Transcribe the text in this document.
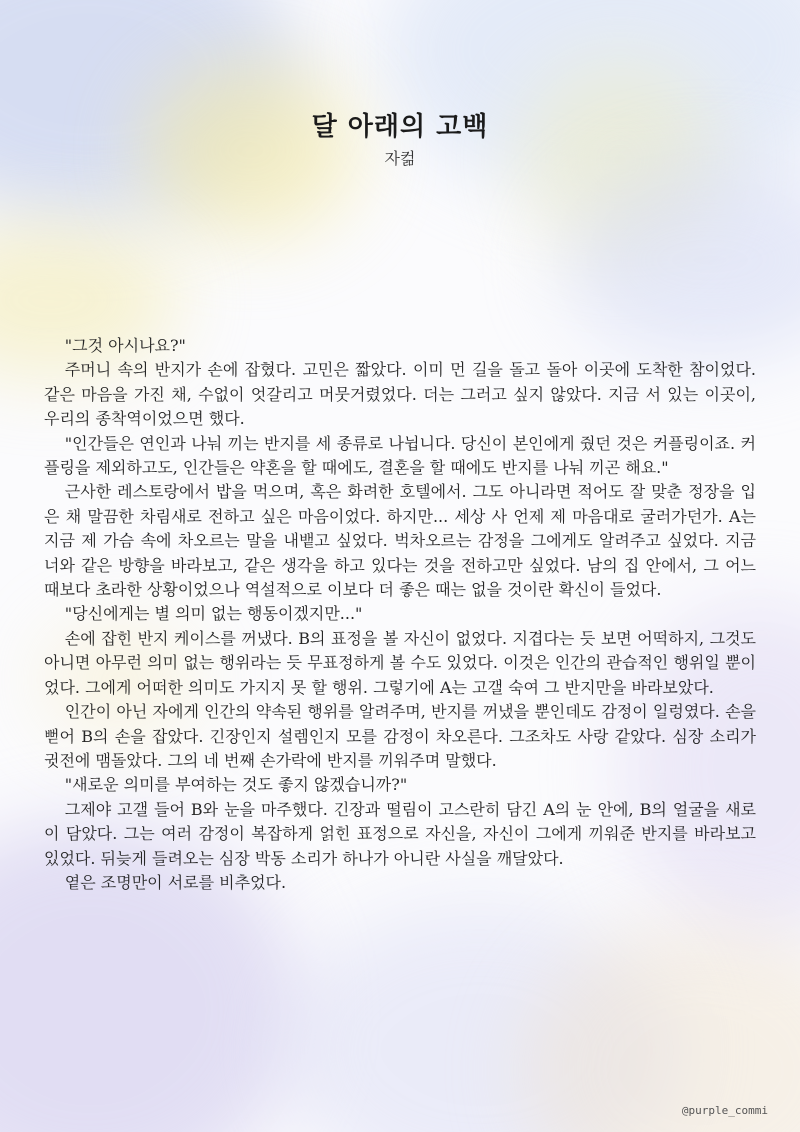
달 아래의 고백
자컮

"그것 아시나요?"

주머니 속의 반지가 손에 잡혔다. 고민은 짧았다. 이미 먼 길을 돌고 돌아 이곳에 도착한 참이었다. 같은 마음을 가진 채, 수없이 엇갈리고 머뭇거렸었다. 더는 그러고 싶지 않았다. 지금 서 있는 이곳이, 우리의 종착역이었으면 했다.

"인간들은 연인과 나눠 끼는 반지를 세 종류로 나뉩니다. 당신이 본인에게 줬던 것은 커플링이죠. 커플링을 제외하고도, 인간들은 약혼을 할 때에도, 결혼을 할 때에도 반지를 나눠 끼곤 해요."

근사한 레스토랑에서 밥을 먹으며, 혹은 화려한 호텔에서. 그도 아니라면 적어도 잘 맞춘 정장을 입은 채 말끔한 차림새로 전하고 싶은 마음이었다. 하지만... 세상 사 언제 제 마음대로 굴러가던가. A는 지금 제 가슴 속에 차오르는 말을 내뱉고 싶었다. 벅차오르는 감정을 그에게도 알려주고 싶었다. 지금 너와 같은 방향을 바라보고, 같은 생각을 하고 있다는 것을 전하고만 싶었다. 남의 집 안에서, 그 어느 때보다 초라한 상황이었으나 역설적으로 이보다 더 좋은 때는 없을 것이란 확신이 들었다.

"당신에게는 별 의미 없는 행동이겠지만..."

손에 잡힌 반지 케이스를 꺼냈다. B의 표정을 볼 자신이 없었다. 지겹다는 듯 보면 어떡하지, 그것도 아니면 아무런 의미 없는 행위라는 듯 무표정하게 볼 수도 있었다. 이것은 인간의 관습적인 행위일 뿐이었다. 그에게 어떠한 의미도 가지지 못 할 행위. 그렇기에 A는 고갤 숙여 그 반지만을 바라보았다.

인간이 아닌 자에게 인간의 약속된 행위를 알려주며, 반지를 꺼냈을 뿐인데도 감정이 일렁였다. 손을 뻗어 B의 손을 잡았다. 긴장인지 설렘인지 모를 감정이 차오른다. 그조차도 사랑 같았다. 심장 소리가 귓전에 맴돌았다. 그의 네 번째 손가락에 반지를 끼워주며 말했다.

"새로운 의미를 부여하는 것도 좋지 않겠습니까?"

그제야 고갤 들어 B와 눈을 마주했다. 긴장과 떨림이 고스란히 담긴 A의 눈 안에, B의 얼굴을 새로이 담았다. 그는 여러 감정이 복잡하게 얽힌 표정으로 자신을, 자신이 그에게 끼워준 반지를 바라보고 있었다. 뒤늦게 들려오는 심장 박동 소리가 하나가 아니란 사실을 깨달았다.

옅은 조명만이 서로를 비추었다.

@purple_commi
